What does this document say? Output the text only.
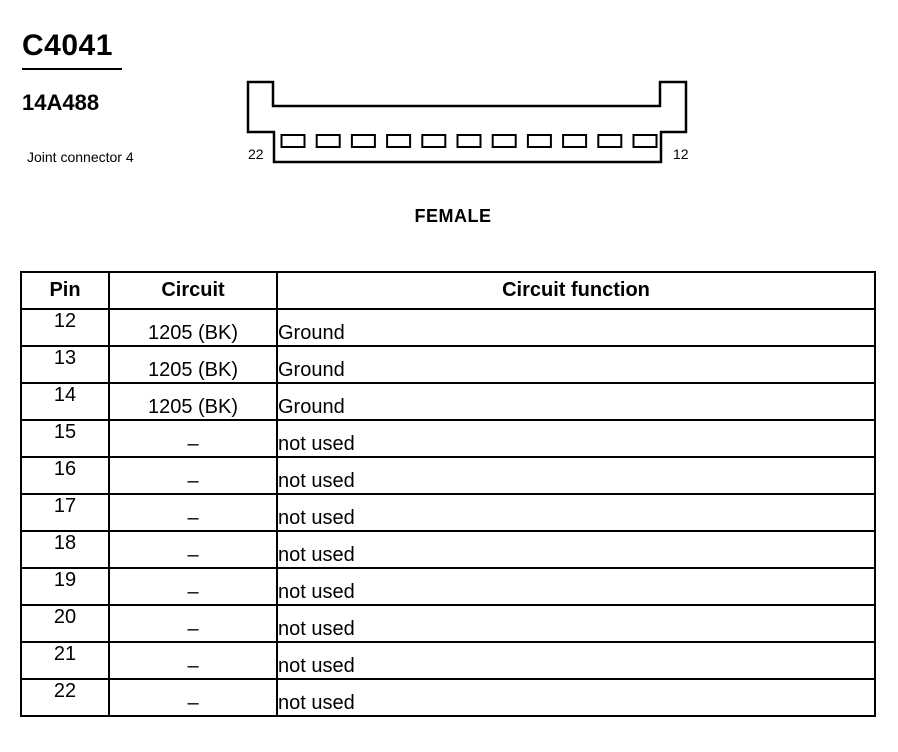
C4041
14A488
Joint connector 4	22	12
FEMALE
Pin	Circuit	Circuit function
12	1205 (BK)	Ground
13	1205 (BK)	Ground
14	1205 (BK)	Ground
15	–	not used
16	–	not used
17	–	not used
18	–	not used
19	–	not used
20	–	not used
21	–	not used
22	–	not used
